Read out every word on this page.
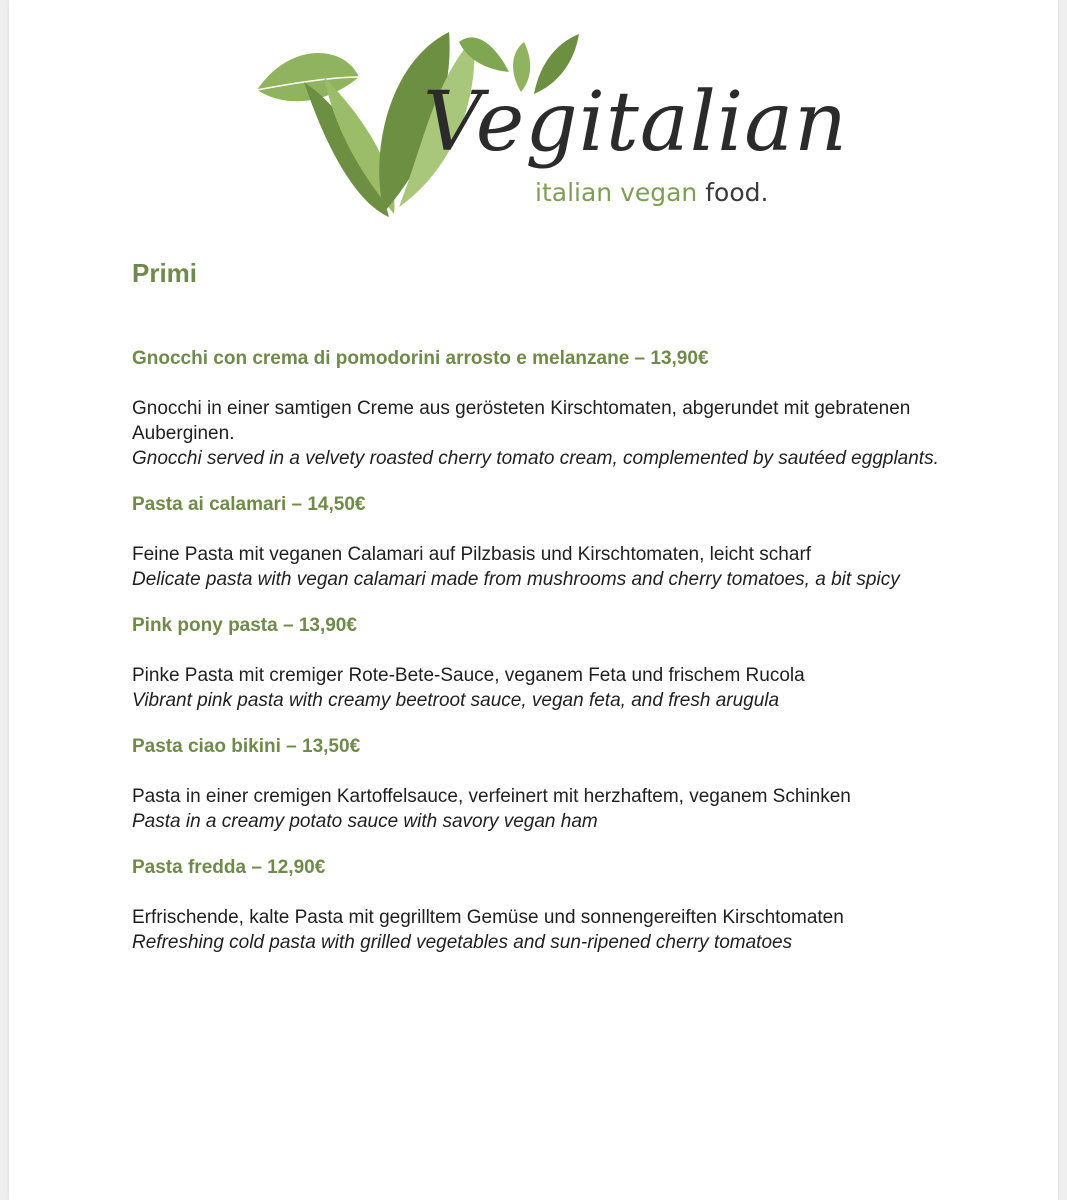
Vegitalian
italian vegan food.
Primi
Gnocchi con crema di pomodorini arrosto e melanzane – 13,90€
Gnocchi in einer samtigen Creme aus gerösteten Kirschtomaten, abgerundet mit gebratenen Auberginen.
Gnocchi served in a velvety roasted cherry tomato cream, complemented by sautéed eggplants.
Pasta ai calamari – 14,50€
Feine Pasta mit veganen Calamari auf Pilzbasis und Kirschtomaten, leicht scharf
Delicate pasta with vegan calamari made from mushrooms and cherry tomatoes, a bit spicy
Pink pony pasta – 13,90€
Pinke Pasta mit cremiger Rote-Bete-Sauce, veganem Feta und frischem Rucola
Vibrant pink pasta with creamy beetroot sauce, vegan feta, and fresh arugula
Pasta ciao bikini – 13,50€
Pasta in einer cremigen Kartoffelsauce, verfeinert mit herzhaftem, veganem Schinken
Pasta in a creamy potato sauce with savory vegan ham
Pasta fredda – 12,90€
Erfrischende, kalte Pasta mit gegrilltem Gemüse und sonnengereiften Kirschtomaten
Refreshing cold pasta with grilled vegetables and sun-ripened cherry tomatoes
